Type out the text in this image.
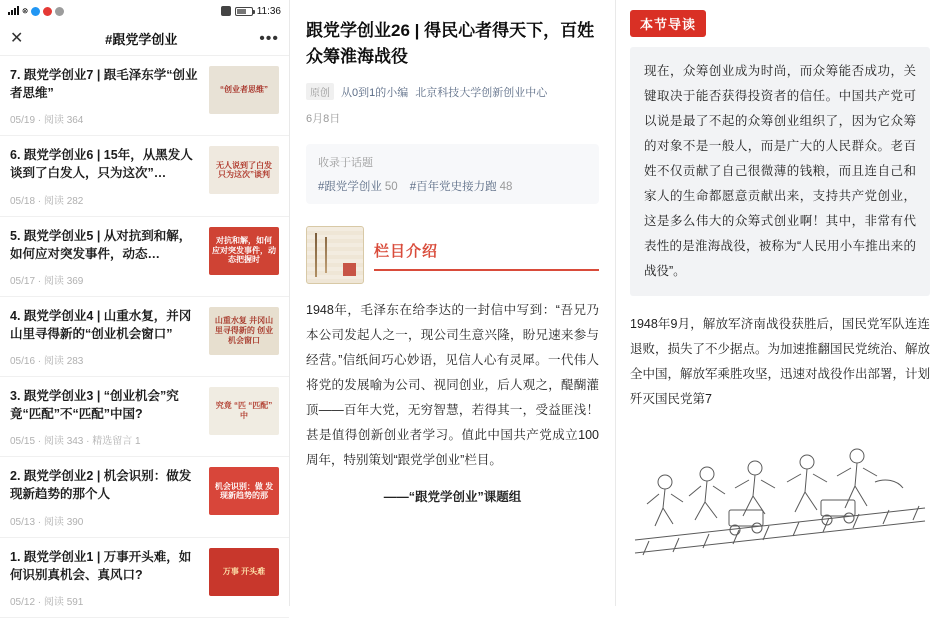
᳁	11:36
✕	#跟党学创业	•••
7. 跟党学创业7 | 跟毛泽东学“创业者思维”
05/19 · 阅读 364
“创业者思维”
6. 跟党学创业6 | 15年，从黑发人谈到了白发人，只为这次”…
05/18 · 阅读 282
无人说到了白发 只为这次”谈判
5. 跟党学创业5 | 从对抗到和解，如何应对突发事件，动态…
05/17 · 阅读 369
对抗和解，如何 应对突发事件，动态把握时
4. 跟党学创业4 | 山重水复，并冈山里寻得新的“创业机会窗口”
05/16 · 阅读 283
山重水复 井冈山里寻得新的 创业机会窗口
3. 跟党学创业3 | “创业机会”究竟“匹配”不“匹配”中国?
05/15 · 阅读 343 · 精选留言 1
究竟 “匹 “匹配” 中
2. 跟党学创业2 | 机会识别：做发现新趋势的那个人
05/13 · 阅读 390
机会识别：做 发现新趋势的那
1. 跟党学创业1 | 万事开头难，如何识别真机会、真风口?
05/12 · 阅读 591
万事 开头难
跟党学创业26 | 得民心者得天下，百姓众筹淮海战役
原创	从0到1的小编 北京科技大学创新创业中心
6月8日
收录于话题
#跟党学创业 50 #百年党史接力跑 48
栏目介绍
1948年，毛泽东在给李达的一封信中写到：“吾兄乃本公司发起人之一，现公司生意兴隆，盼兄速来参与经营。”信纸间巧心妙语，见信人心有灵犀。一代伟人将党的发展喻为公司、视同创业，后人观之，醍醐灌顶——百年大党，无穷智慧，若得其一，受益匪浅！甚是值得创新创业者学习。值此中国共产党成立100周年，特别策划“跟党学创业”栏目。
——“跟党学创业”课题组
本节导读
现在，众筹创业成为时尚，而众筹能否成功，关键取决于能否获得投资者的信任。中国共产党可以说是最了不起的众筹创业组织了，因为它众筹的对象不是一般人，而是广大的人民群众。老百姓不仅贡献了自己很微薄的钱粮，而且连自己和家人的生命都愿意贡献出来，支持共产党创业，这是多么伟大的众筹式创业啊！其中，非常有代表性的是淮海战役，被称为“人民用小车推出来的战役”。
1948年9月，解放军济南战役获胜后，国民党军队连连退败，损失了不少据点。为加速推翻国民党统治、解放全中国，解放军乘胜攻坚，迅速对战役作出部署，计划歼灭国民党第7
